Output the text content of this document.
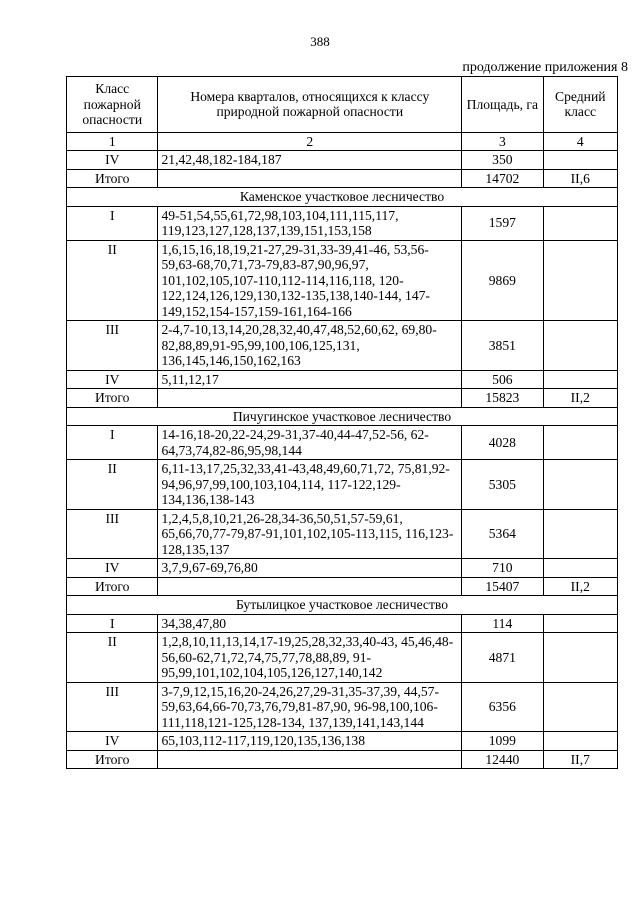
388
продолжение приложения 8
Класс пожарной опасности	Номера кварталов, относящихся к классу природной пожарной опасности	Площадь, га	Средний класс
1	2	3	4
IV	21,42,48,182-184,187	350	
Итого		14702	II,6
Каменское участковое лесничество			
I	49-51,54,55,61,72,98,103,104,111,115,117, 119,123,127,128,137,139,151,153,158	1597	
II	1,6,15,16,18,19,21-27,29-31,33-39,41-46, 53,56-59,63-68,70,71,73-79,83-87,90,96,97, 101,102,105,107-110,112-114,116,118, 120-122,124,126,129,130,132-135,138,140-144, 147-149,152,154-157,159-161,164-166	9869	
III	2-4,7-10,13,14,20,28,32,40,47,48,52,60,62, 69,80-82,88,89,91-95,99,100,106,125,131, 136,145,146,150,162,163	3851	
IV	5,11,12,17	506	
Итого		15823	II,2
Пичугинское участковое лесничество			
I	14-16,18-20,22-24,29-31,37-40,44-47,52-56, 62-64,73,74,82-86,95,98,144	4028	
II	6,11-13,17,25,32,33,41-43,48,49,60,71,72, 75,81,92-94,96,97,99,100,103,104,114, 117-122,129-134,136,138-143	5305	
III	1,2,4,5,8,10,21,26-28,34-36,50,51,57-59,61, 65,66,70,77-79,87-91,101,102,105-113,115, 116,123-128,135,137	5364	
IV	3,7,9,67-69,76,80	710	
Итого		15407	II,2
Бутылицкое участковое лесничество			
I	34,38,47,80	114	
II	1,2,8,10,11,13,14,17-19,25,28,32,33,40-43, 45,46,48-56,60-62,71,72,74,75,77,78,88,89, 91-95,99,101,102,104,105,126,127,140,142	4871	
III	3-7,9,12,15,16,20-24,26,27,29-31,35-37,39, 44,57-59,63,64,66-70,73,76,79,81-87,90, 96-98,100,106-111,118,121-125,128-134, 137,139,141,143,144	6356	
IV	65,103,112-117,119,120,135,136,138	1099	
Итого		12440	II,7
